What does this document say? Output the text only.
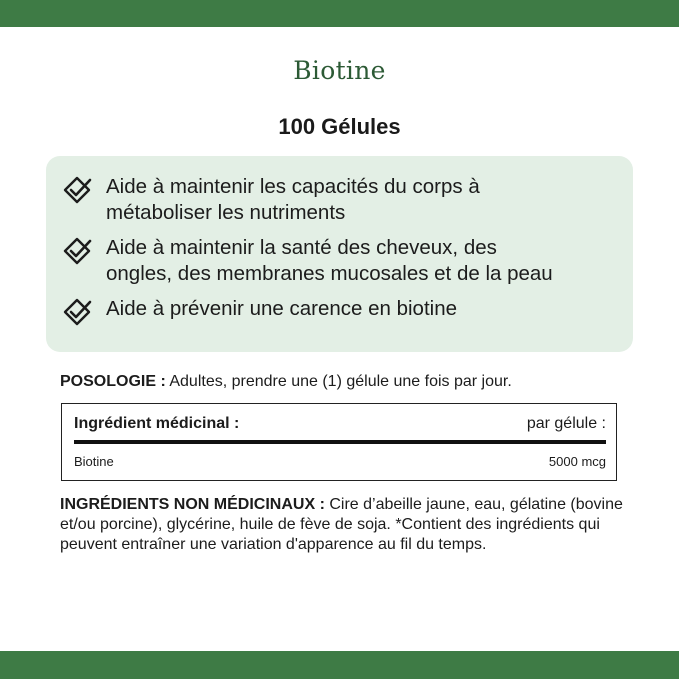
Biotine
100 Gélules
Aide à maintenir les capacités du corps à
métaboliser les nutriments
Aide à maintenir la santé des cheveux, des
ongles, des membranes mucosales et de la peau
Aide à prévenir une carence en biotine
POSOLOGIE : Adultes, prendre une (1) gélule une fois par jour.
Ingrédient médicinal :	par gélule :
Biotine	5000 mcg
INGRÉDIENTS NON MÉDICINAUX : Cire d’abeille jaune, eau, gélatine (bovine et/ou porcine), glycérine, huile de fève de soja. *Contient des ingrédients qui peuvent entraîner une variation d'apparence au fil du temps.
